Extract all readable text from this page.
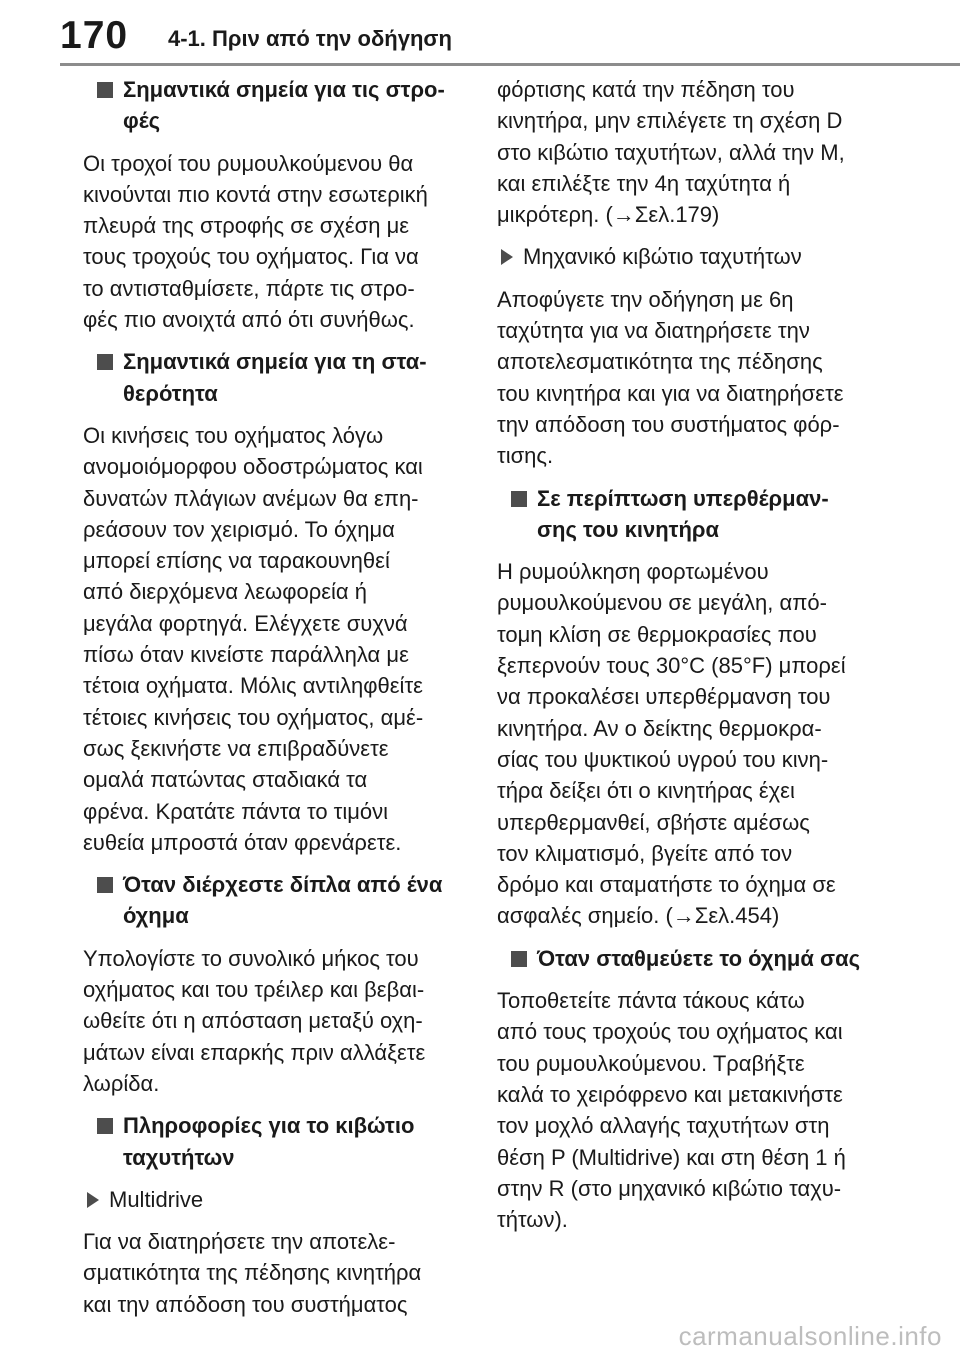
170 4-1. Πριν από την οδήγηση
Σημαντικά σημεία για τις στρο-
φές
Οι τροχοί του ρυμουλκούμενου θα
κινούνται πιο κοντά στην εσωτερική
πλευρά της στροφής σε σχέση με
τους τροχούς του οχήματος. Για να
το αντισταθμίσετε, πάρτε τις στρο-
φές πιο ανοιχτά από ότι συνήθως.
Σημαντικά σημεία για τη στα-
θερότητα
Οι κινήσεις του οχήματος λόγω
ανομοιόμορφου οδοστρώματος και
δυνατών πλάγιων ανέμων θα επη-
ρεάσουν τον χειρισμό. Το όχημα
μπορεί επίσης να ταρακουνηθεί
από διερχόμενα λεωφορεία ή
μεγάλα φορτηγά. Ελέγχετε συχνά
πίσω όταν κινείστε παράλληλα με
τέτοια οχήματα. Μόλις αντιληφθείτε
τέτοιες κινήσεις του οχήματος, αμέ-
σως ξεκινήστε να επιβραδύνετε
ομαλά πατώντας σταδιακά τα
φρένα. Κρατάτε πάντα το τιμόνι
ευθεία μπροστά όταν φρενάρετε.
Όταν διέρχεστε δίπλα από ένα
όχημα
Υπολογίστε το συνολικό μήκος του
οχήματος και του τρέιλερ και βεβαι-
ωθείτε ότι η απόσταση μεταξύ οχη-
μάτων είναι επαρκής πριν αλλάξετε
λωρίδα.
Πληροφορίες για το κιβώτιο
ταχυτήτων
Multidrive
Για να διατηρήσετε την αποτελε-
σματικότητα της πέδησης κινητήρα
και την απόδοση του συστήματος
φόρτισης κατά την πέδηση του
κινητήρα, μην επιλέγετε τη σχέση D
στο κιβώτιο ταχυτήτων, αλλά την M,
και επιλέξτε την 4η ταχύτητα ή
μικρότερη. (→Σελ.179)
Μηχανικό κιβώτιο ταχυτήτων
Αποφύγετε την οδήγηση με 6η
ταχύτητα για να διατηρήσετε την
αποτελεσματικότητα της πέδησης
του κινητήρα και για να διατηρήσετε
την απόδοση του συστήματος φόρ-
τισης.
Σε περίπτωση υπερθέρμαν-
σης του κινητήρα
Η ρυμούλκηση φορτωμένου
ρυμουλκούμενου σε μεγάλη, από-
τομη κλίση σε θερμοκρασίες που
ξεπερνούν τους 30°C (85°F) μπορεί
να προκαλέσει υπερθέρμανση του
κινητήρα. Αν ο δείκτης θερμοκρα-
σίας του ψυκτικού υγρού του κινη-
τήρα δείξει ότι ο κινητήρας έχει
υπερθερμανθεί, σβήστε αμέσως
τον κλιματισμό, βγείτε από τον
δρόμο και σταματήστε το όχημα σε
ασφαλές σημείο. (→Σελ.454)
Όταν σταθμεύετε το όχημά σας
Τοποθετείτε πάντα τάκους κάτω
από τους τροχούς του οχήματος και
του ρυμουλκούμενου. Τραβήξτε
καλά το χειρόφρενο και μετακινήστε
τον μοχλό αλλαγής ταχυτήτων στη
θέση P (Multidrive) και στη θέση 1 ή
στην R (στο μηχανικό κιβώτιο ταχυ-
τήτων).
carmanualsonline.info
